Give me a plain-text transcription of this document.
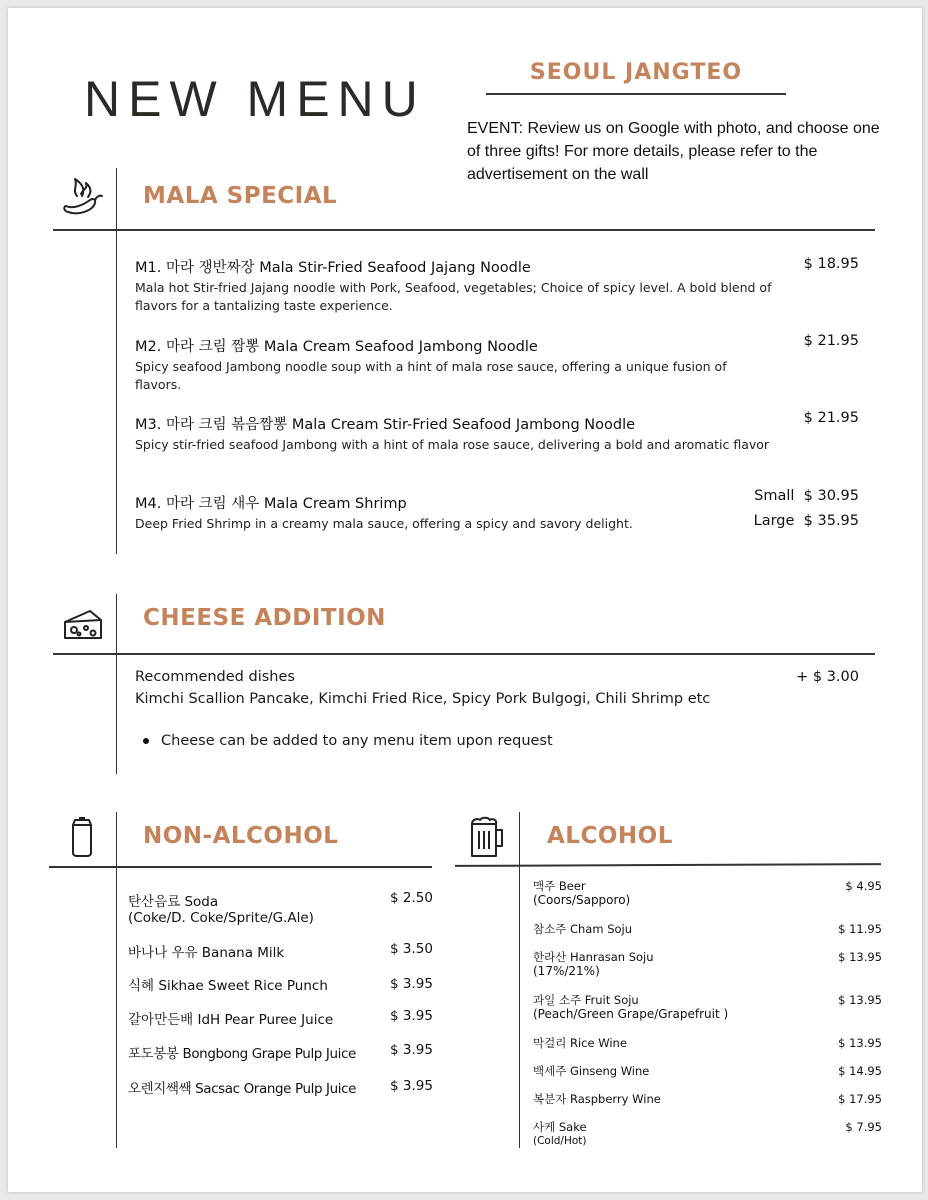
NEW MENU	SEOUL JANGTEO
EVENT: Review us on Google with photo, and choose one of three gifts! For more details, please refer to the advertisement on the wall
MALA SPECIAL
M1. 마라 쟁반짜장 Mala Stir-Fried Seafood Jajang Noodle
Mala hot Stir-fried Jajang noodle with Pork, Seafood, vegetables; Choice of spicy level. A bold blend of flavors for a tantalizing taste experience.
$ 18.95
M2. 마라 크림 짬뽕 Mala Cream Seafood Jambong Noodle
Spicy seafood Jambong noodle soup with a hint of mala rose sauce, offering a unique fusion of flavors.
$ 21.95
M3. 마라 크림 볶음짬뽕 Mala Cream Stir-Fried Seafood Jambong Noodle
Spicy stir-fried seafood Jambong with a hint of mala rose sauce, delivering a bold and aromatic flavor
$ 21.95
M4. 마라 크림 새우 Mala Cream Shrimp
Deep Fried Shrimp in a creamy mala sauce, offering a spicy and savory delight.
Small  $ 30.95
Large  $ 35.95
CHEESE ADDITION
Recommended dishes
Kimchi Scallion Pancake, Kimchi Fried Rice, Spicy Pork Bulgogi, Chili Shrimp etc
+ $ 3.00
Cheese can be added to any menu item upon request
NON-ALCOHOL
탄산음료 Soda
(Coke/D. Coke/Sprite/G.Ale)
$ 2.50
바나나 우유 Banana Milk	$ 3.50
식혜 Sikhae Sweet Rice Punch	$ 3.95
갈아만든배 IdH Pear Puree Juice	$ 3.95
포도봉봉 Bongbong Grape Pulp Juice	$ 3.95
오렌지쌕쌕 Sacsac Orange Pulp Juice	$ 3.95
ALCOHOL
맥주 Beer
(Coors/Sapporo)
$ 4.95
참소주 Cham Soju	$ 11.95
한라산 Hanrasan Soju
(17%/21%)
$ 13.95
과일 소주 Fruit Soju
(Peach/Green Grape/Grapefruit )
$ 13.95
막걸리 Rice Wine	$ 13.95
백세주 Ginseng Wine	$ 14.95
복분자 Raspberry Wine	$ 17.95
사케 Sake
(Cold/Hot)
$ 7.95
